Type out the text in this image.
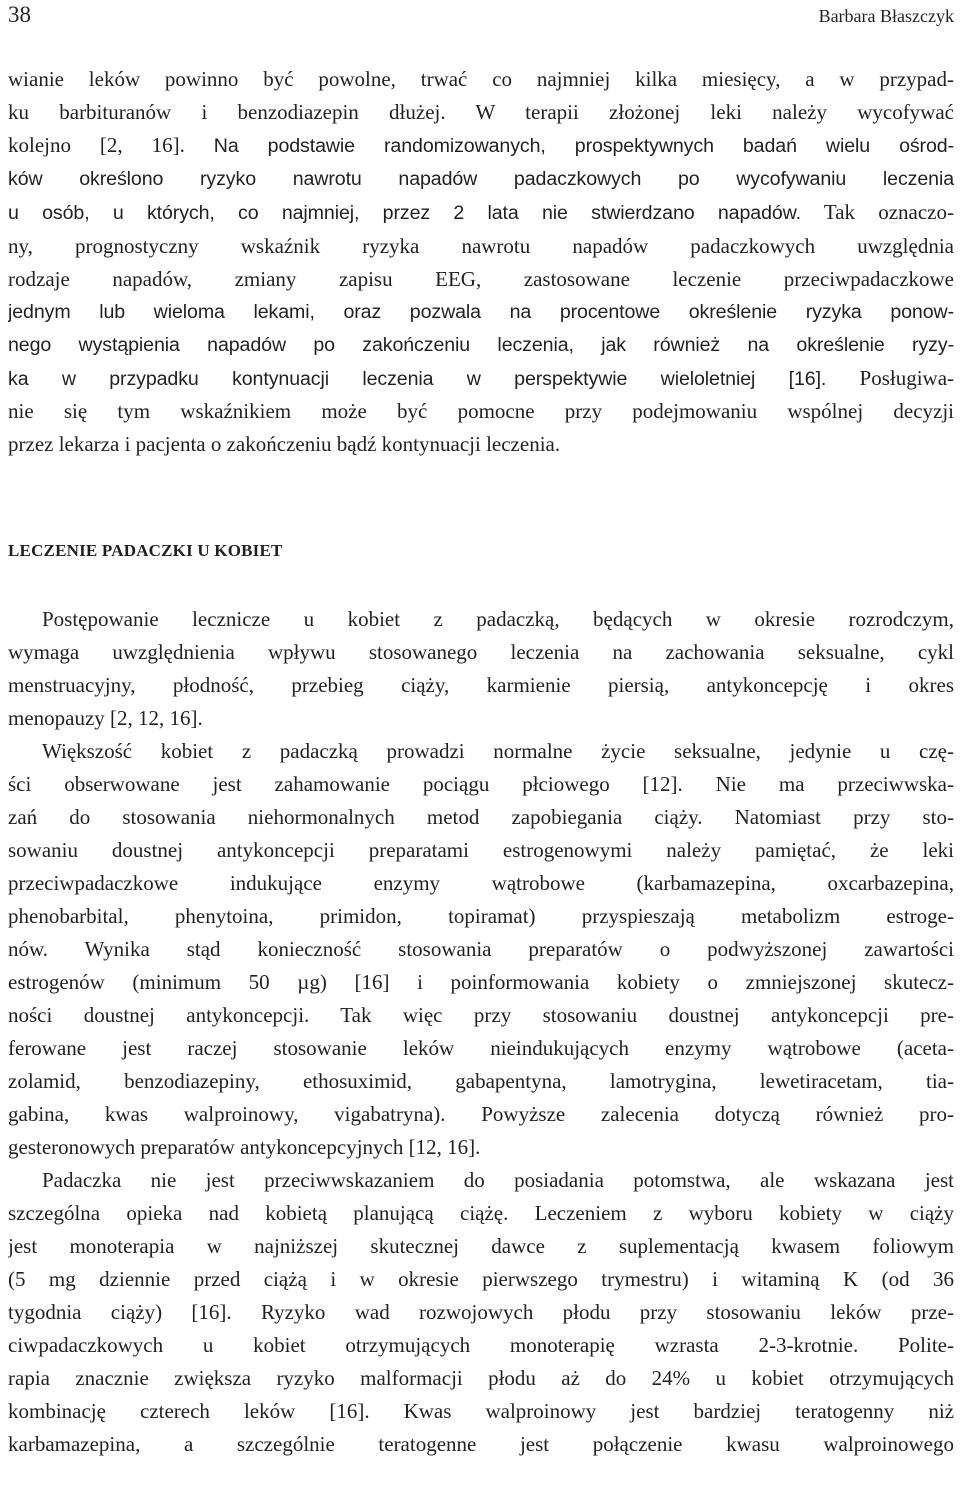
38	Barbara Błaszczyk
wianie leków powinno być powolne, trwać co najmniej kilka miesięcy, a w przypad-
ku barbituranów i benzodiazepin dłużej. W terapii złożonej leki należy wycofywać
kolejno [2, 16]. Na podstawie randomizowanych, prospektywnych badań wielu ośrod-
ków określono ryzyko nawrotu napadów padaczkowych po wycofywaniu leczenia
u osób, u których, co najmniej, przez 2 lata nie stwierdzano napadów. Tak oznaczo-
ny, prognostyczny wskaźnik ryzyka nawrotu napadów padaczkowych uwzględnia
rodzaje napadów, zmiany zapisu EEG, zastosowane leczenie przeciwpadaczkowe
jednym lub wieloma lekami, oraz pozwala na procentowe określenie ryzyka ponow-
nego wystąpienia napadów po zakończeniu leczenia, jak również na określenie ryzy-
ka w przypadku kontynuacji leczenia w perspektywie wieloletniej [16]. Posługiwa-
nie się tym wskaźnikiem może być pomocne przy podejmowaniu wspólnej decyzji
przez lekarza i pacjenta o zakończeniu bądź kontynuacji leczenia.
LECZENIE PADACZKI U KOBIET
Postępowanie lecznicze u kobiet z padaczką, będących w okresie rozrodczym,
wymaga uwzględnienia wpływu stosowanego leczenia na zachowania seksualne, cykl
menstruacyjny, płodność, przebieg ciąży, karmienie piersią, antykoncepcję i okres
menopauzy [2, 12, 16].
Większość kobiet z padaczką prowadzi normalne życie seksualne, jedynie u czę-
ści obserwowane jest zahamowanie pociągu płciowego [12]. Nie ma przeciwwska-
zań do stosowania niehormonalnych metod zapobiegania ciąży. Natomiast przy sto-
sowaniu doustnej antykoncepcji preparatami estrogenowymi należy pamiętać, że leki
przeciwpadaczkowe indukujące enzymy wątrobowe (karbamazepina, oxcarbazepina,
phenobarbital, phenytoina, primidon, topiramat) przyspieszają metabolizm estroge-
nów. Wynika stąd konieczność stosowania preparatów o podwyższonej zawartości
estrogenów (minimum 50 µg) [16] i poinformowania kobiety o zmniejszonej skutecz-
ności doustnej antykoncepcji. Tak więc przy stosowaniu doustnej antykoncepcji pre-
ferowane jest raczej stosowanie leków nieindukujących enzymy wątrobowe (aceta-
zolamid, benzodiazepiny, ethosuximid, gabapentyna, lamotrygina, lewetiracetam, tia-
gabina, kwas walproinowy, vigabatryna). Powyższe zalecenia dotyczą również pro-
gesteronowych preparatów antykoncepcyjnych [12, 16].
Padaczka nie jest przeciwwskazaniem do posiadania potomstwa, ale wskazana jest
szczególna opieka nad kobietą planującą ciążę. Leczeniem z wyboru kobiety w ciąży
jest monoterapia w najniższej skutecznej dawce z suplementacją kwasem foliowym
(5 mg dziennie przed ciążą i w okresie pierwszego trymestru) i witaminą K (od 36
tygodnia ciąży) [16]. Ryzyko wad rozwojowych płodu przy stosowaniu leków prze-
ciwpadaczkowych u kobiet otrzymujących monoterapię wzrasta 2-3-krotnie. Polite-
rapia znacznie zwiększa ryzyko malformacji płodu aż do 24% u kobiet otrzymujących
kombinację czterech leków [16]. Kwas walproinowy jest bardziej teratogenny niż
karbamazepina, a szczególnie teratogenne jest połączenie kwasu walproinowego
